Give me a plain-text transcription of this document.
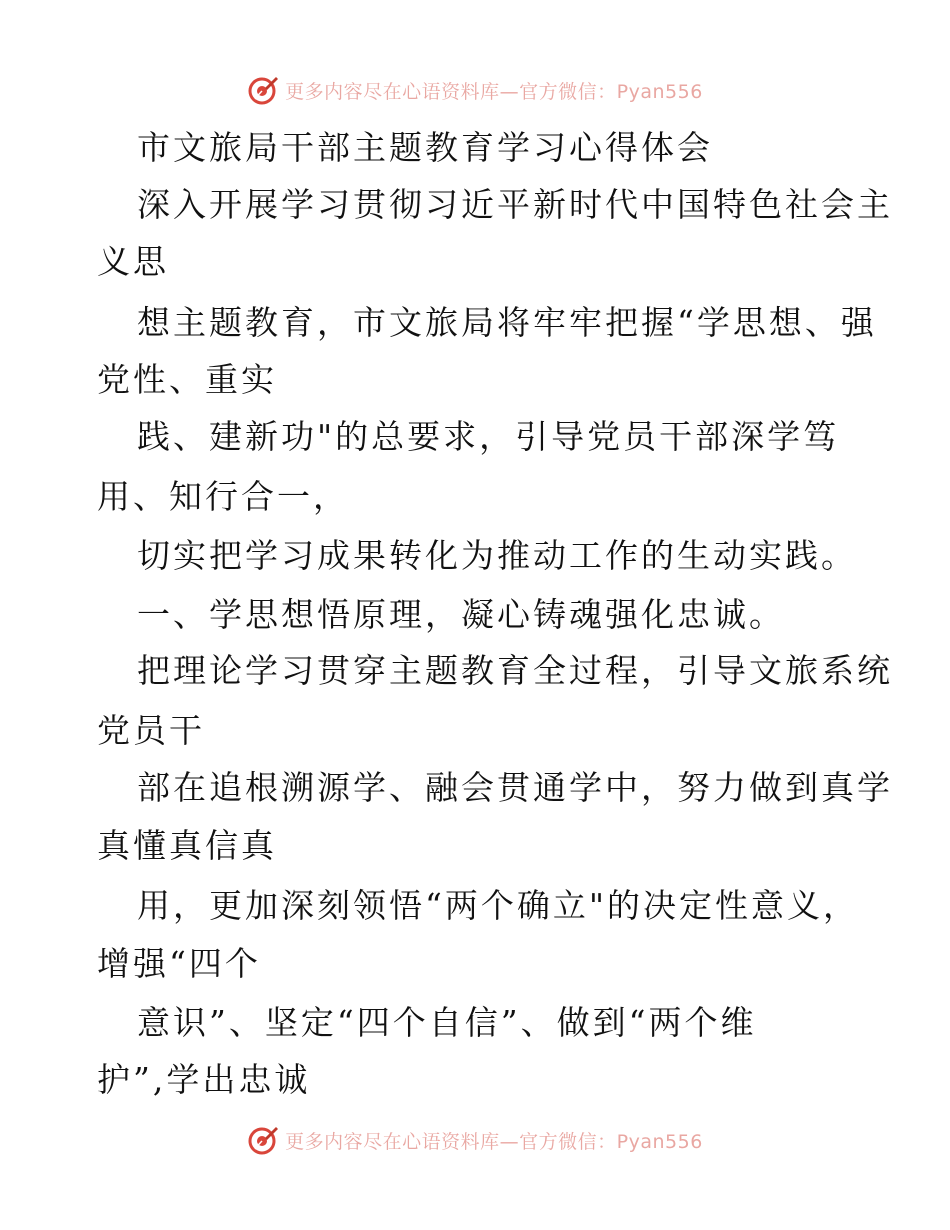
更多内容尽在心语资料库—官方微信：Pyan556
市文旅局干部主题教育学习心得体会
深入开展学习贯彻习近平新时代中国特色社会主
义思
想主题教育，市文旅局将牢牢把握“学思想、强
党性、重实
践、建新功"的总要求，引导党员干部深学笃
用、知行合一，
切实把学习成果转化为推动工作的生动实践。
一、学思想悟原理，凝心铸魂强化忠诚。
把理论学习贯穿主题教育全过程，引导文旅系统
党员干
部在追根溯源学、融会贯通学中，努力做到真学
真懂真信真
用，更加深刻领悟“两个确立"的决定性意义，
增强“四个
意识”、坚定“四个自信”、做到“两个维
护”,学出忠诚
更多内容尽在心语资料库—官方微信：Pyan556
